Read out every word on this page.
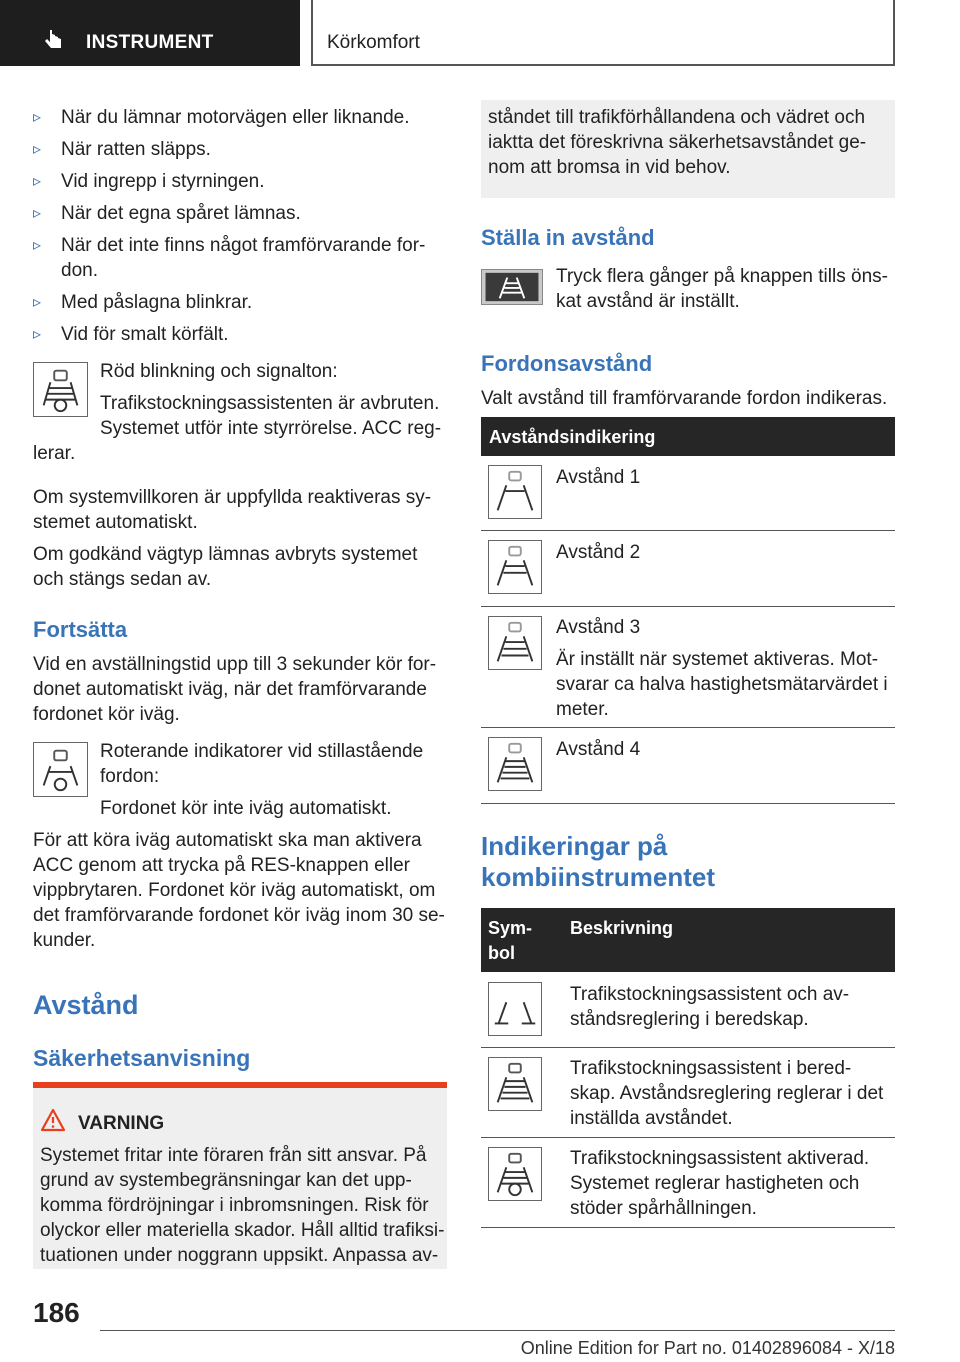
INSTRUMENT	Körkomfort
▹ När du lämnar motorvägen eller liknande.
▹ När ratten släpps.
▹ Vid ingrepp i styrningen.
▹ När det egna spåret lämnas.
▹ När det inte finns något framförvarande for-
don.
▹ Med påslagna blinkrar.
▹ Vid för smalt körfält.
Röd blinkning och signalton:
Trafikstockningsassistenten är avbruten.
Systemet utför inte styrrörelse. ACC reg-
lerar.
Om systemvillkoren är uppfyllda reaktiveras sy-
stemet automatiskt.
Om godkänd vägtyp lämnas avbryts systemet
och stängs sedan av.
Fortsätta
Vid en avställningstid upp till 3 sekunder kör for-
donet automatiskt iväg, när det framförvarande
fordonet kör iväg.
Roterande indikatorer vid stillastående
fordon:
Fordonet kör inte iväg automatiskt.
För att köra iväg automatiskt ska man aktivera
ACC genom att trycka på RES-knappen eller
vippbrytaren. Fordonet kör iväg automatiskt, om
det framförvarande fordonet kör iväg inom 30 se-
kunder.
Avstånd
Säkerhetsanvisning
VARNING
Systemet fritar inte föraren från sitt ansvar. På
grund av systembegränsningar kan det upp-
komma fördröjningar i inbromsningen. Risk för
olyckor eller materiella skador. Håll alltid trafiksi-
tuationen under noggrann uppsikt. Anpassa av-
ståndet till trafikförhållandena och vädret och
iaktta det föreskrivna säkerhetsavståndet ge-
nom att bromsa in vid behov.
Ställa in avstånd
Tryck flera gånger på knappen tills öns-
kat avstånd är inställt.
Fordonsavstånd
Valt avstånd till framförvarande fordon indikeras.
Avståndsindikering
Avstånd 1
Avstånd 2
Avstånd 3
Är inställt när systemet aktiveras. Mot-
svarar ca halva hastighetsmätarvärdet i
meter.
Avstånd 4
Indikeringar på
kombiinstrumentet
Sym-
bol
Beskrivning
Trafikstockningsassistent och av-
ståndsreglering i beredskap.
Trafikstockningsassistent i bered-
skap. Avståndsreglering reglerar i det
inställda avståndet.
Trafikstockningsassistent aktiverad.
Systemet reglerar hastigheten och
stöder spårhållningen.
186
Online Edition for Part no. 01402896084 - X/18
